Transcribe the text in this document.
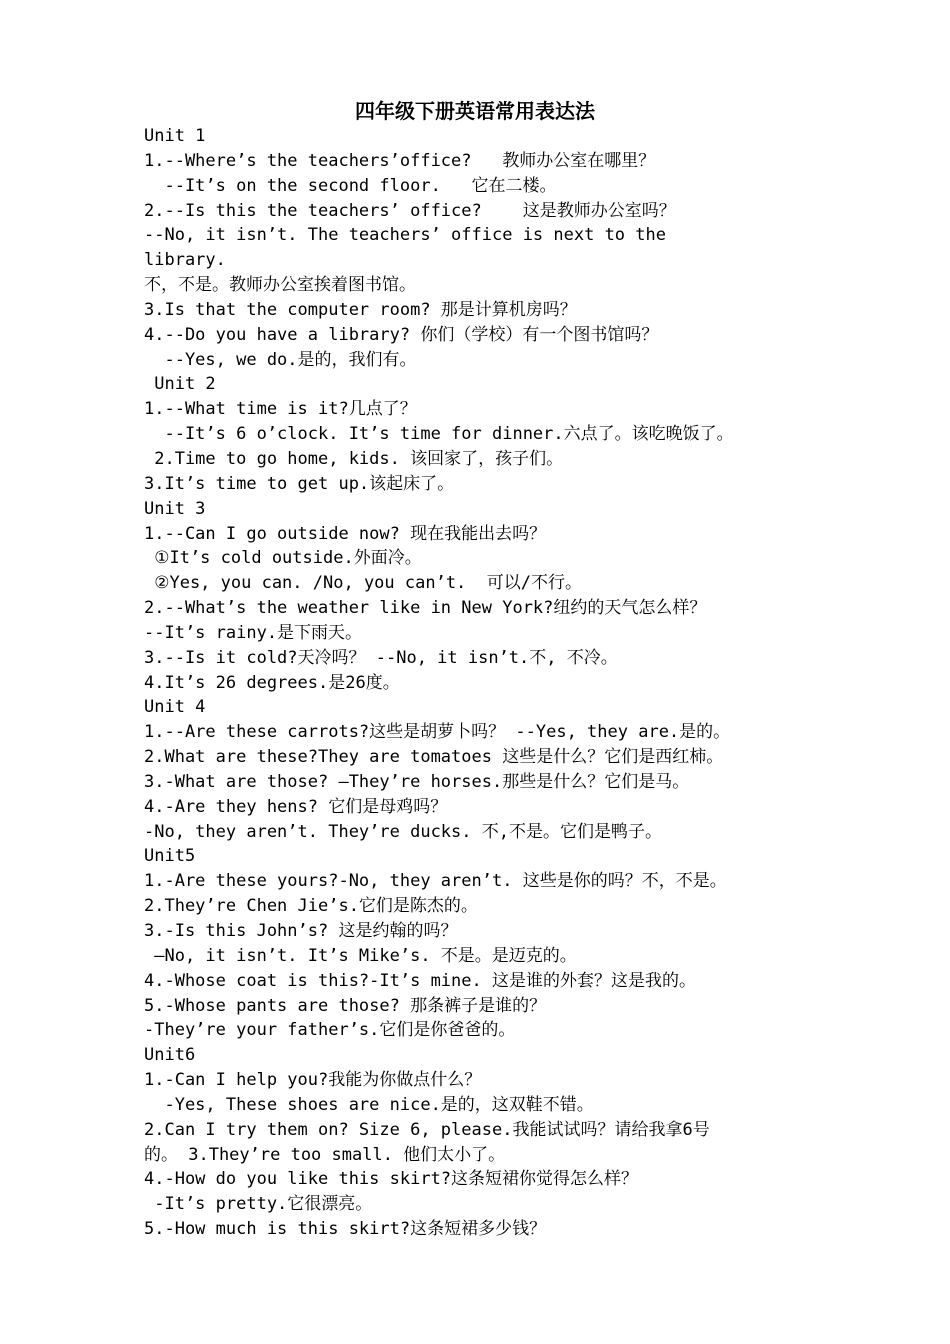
四年级下册英语常用表达法
Unit 1
1.--Where’s the teachers’office?   教师办公室在哪里？
--It’s on the second floor.   它在二楼。
2.--Is this the teachers’ office?    这是教师办公室吗？
--No, it isn’t. The teachers’ office is next to the
library.
不，不是。教师办公室挨着图书馆。
3.Is that the computer room? 那是计算机房吗？
4.--Do you have a library? 你们（学校）有一个图书馆吗？
--Yes, we do.是的，我们有。
Unit 2
1.--What time is it?几点了？
--It’s 6 o’clock. It’s time for dinner.六点了。该吃晚饭了。
2.Time to go home, kids. 该回家了，孩子们。
3.It’s time to get up.该起床了。
Unit 3
1.--Can I go outside now? 现在我能出去吗？
①It’s cold outside.外面冷。
②Yes, you can. /No, you can’t.  可以/不行。
2.--What’s the weather like in New York?纽约的天气怎么样？
--It’s rainy.是下雨天。
3.--Is it cold?天冷吗？ --No, it isn’t.不, 不冷。
4.It’s 26 degrees.是26度。
Unit 4
1.--Are these carrots?这些是胡萝卜吗？ --Yes, they are.是的。
2.What are these?They are tomatoes 这些是什么？它们是西红柿。
3.-What are those? –They’re horses.那些是什么？它们是马。
4.-Are they hens? 它们是母鸡吗？
-No, they aren’t. They’re ducks. 不,不是。它们是鸭子。
Unit5
1.-Are these yours?-No, they aren’t. 这些是你的吗？不，不是。
2.They’re Chen Jie’s.它们是陈杰的。
3.-Is this John’s? 这是约翰的吗？
–No, it isn’t. It’s Mike’s. 不是。是迈克的。
4.-Whose coat is this?-It’s mine. 这是谁的外套？这是我的。
5.-Whose pants are those? 那条裤子是谁的？
-They’re your father’s.它们是你爸爸的。
Unit6
1.-Can I help you?我能为你做点什么？
-Yes, These shoes are nice.是的，这双鞋不错。
2.Can I try them on? Size 6, please.我能试试吗？请给我拿6号
的。 3.They’re too small. 他们太小了。
4.-How do you like this skirt?这条短裙你觉得怎么样？
-It’s pretty.它很漂亮。
5.-How much is this skirt?这条短裙多少钱？
